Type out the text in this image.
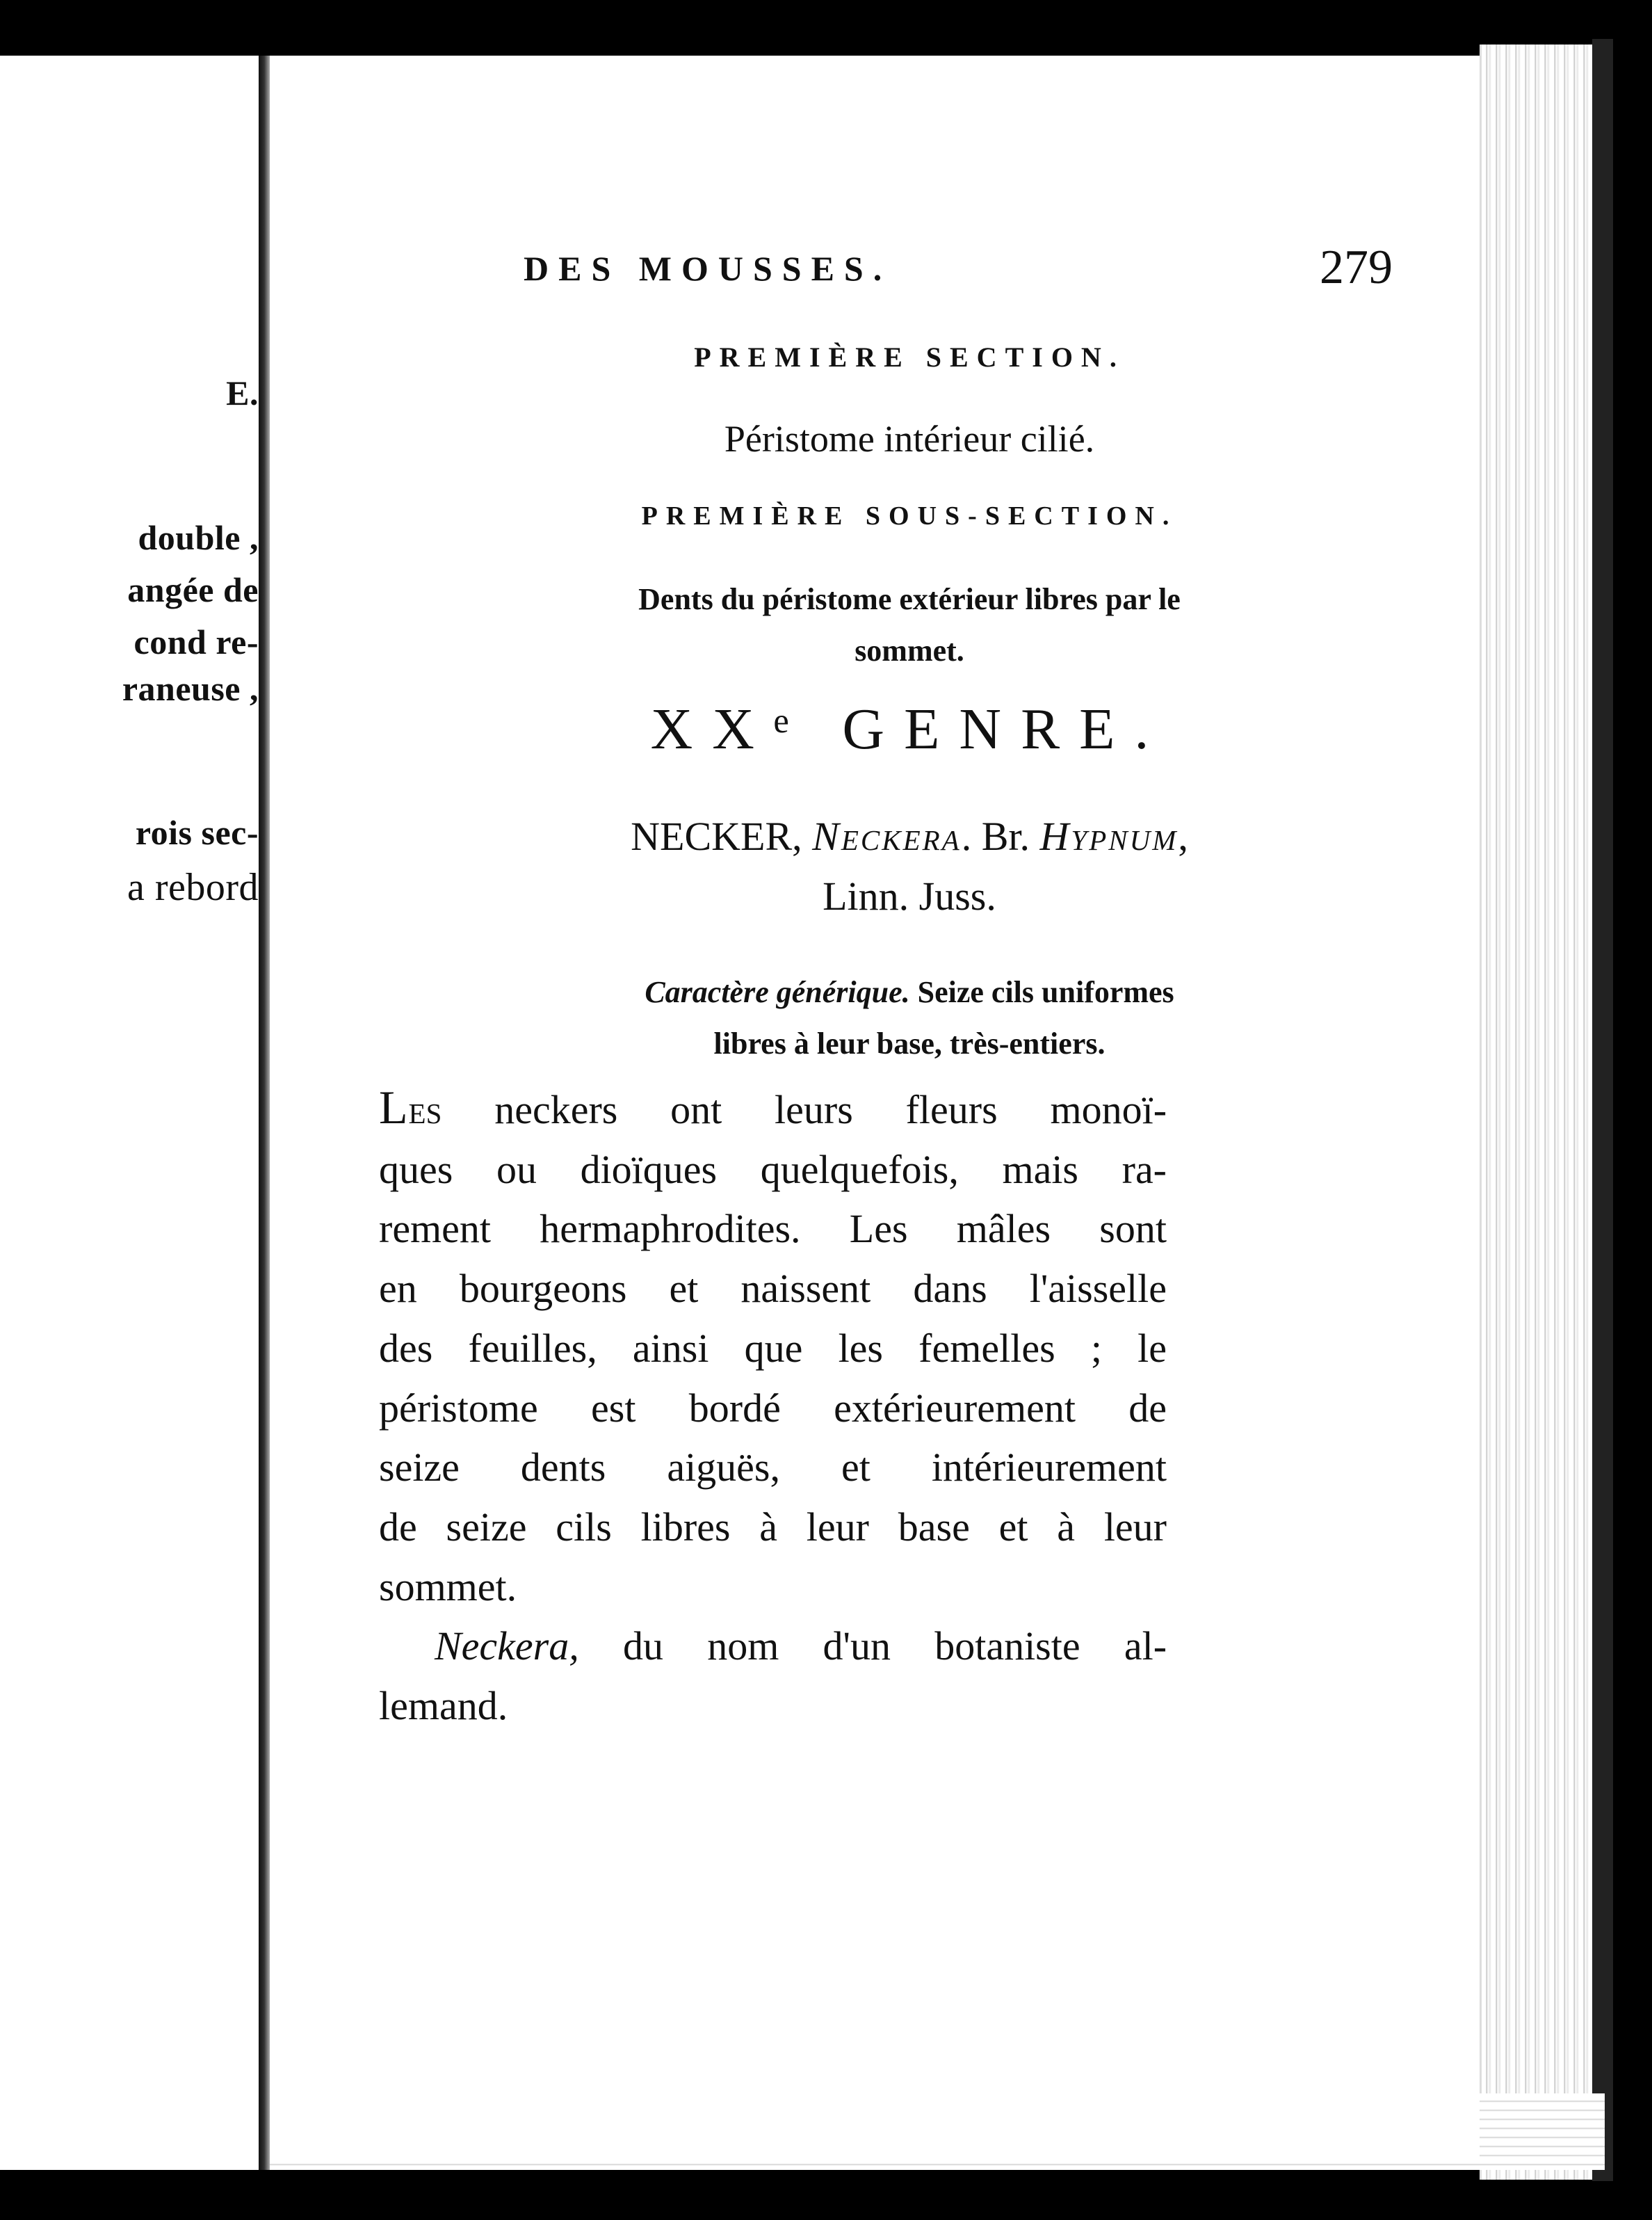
E.
double ,
angée de
cond re-
raneuse ,
rois sec-
a rebord
DES MOUSSES.	279
PREMIÈRE SECTION.
Péristome intérieur cilié.
PREMIÈRE SOUS-SECTION.
Dents du péristome extérieur libres par le
sommet.
XXᵉ GENRE.
NECKER, Neckera. Br. Hypnum,
Linn. Juss.
Caractère générique. Seize cils uniformes
libres à leur base, très-entiers.
Les neckers ont leurs fleurs monoï-
ques ou dioïques quelquefois, mais ra-
rement hermaphrodites. Les mâles sont
en bourgeons et naissent dans l'aisselle
des feuilles, ainsi que les femelles ; le
péristome est bordé extérieurement de
seize dents aiguës, et intérieurement
de seize cils libres à leur base et à leur
sommet.
Neckera, du nom d'un botaniste al-
lemand.
